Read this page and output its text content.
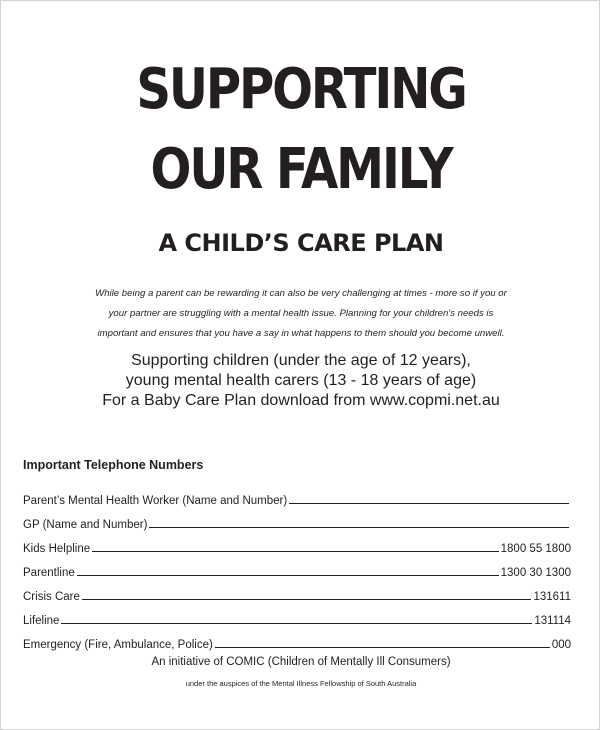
SUPPORTING
OUR FAMILY
A CHILD’S CARE PLAN
While being a parent can be rewarding it can also be very challenging at times - more so if you or
your partner are struggling with a mental health issue. Planning for your children's needs is
important and ensures that you have a say in what happens to them should you become unwell.
Supporting children (under the age of 12 years),
young mental health carers (13 - 18 years of age)
For a Baby Care Plan download from www.copmi.net.au
Important Telephone Numbers
Parent’s Mental Health Worker (Name and Number)
GP (Name and Number)
Kids Helpline	1800 55 1800
Parentline	1300 30 1300
Crisis Care	131611
Lifeline	131114
Emergency (Fire, Ambulance, Police)	000
An initiative of COMIC (Children of Mentally Ill Consumers)
under the auspices of the Mental Illness Fellowship of South Australia
